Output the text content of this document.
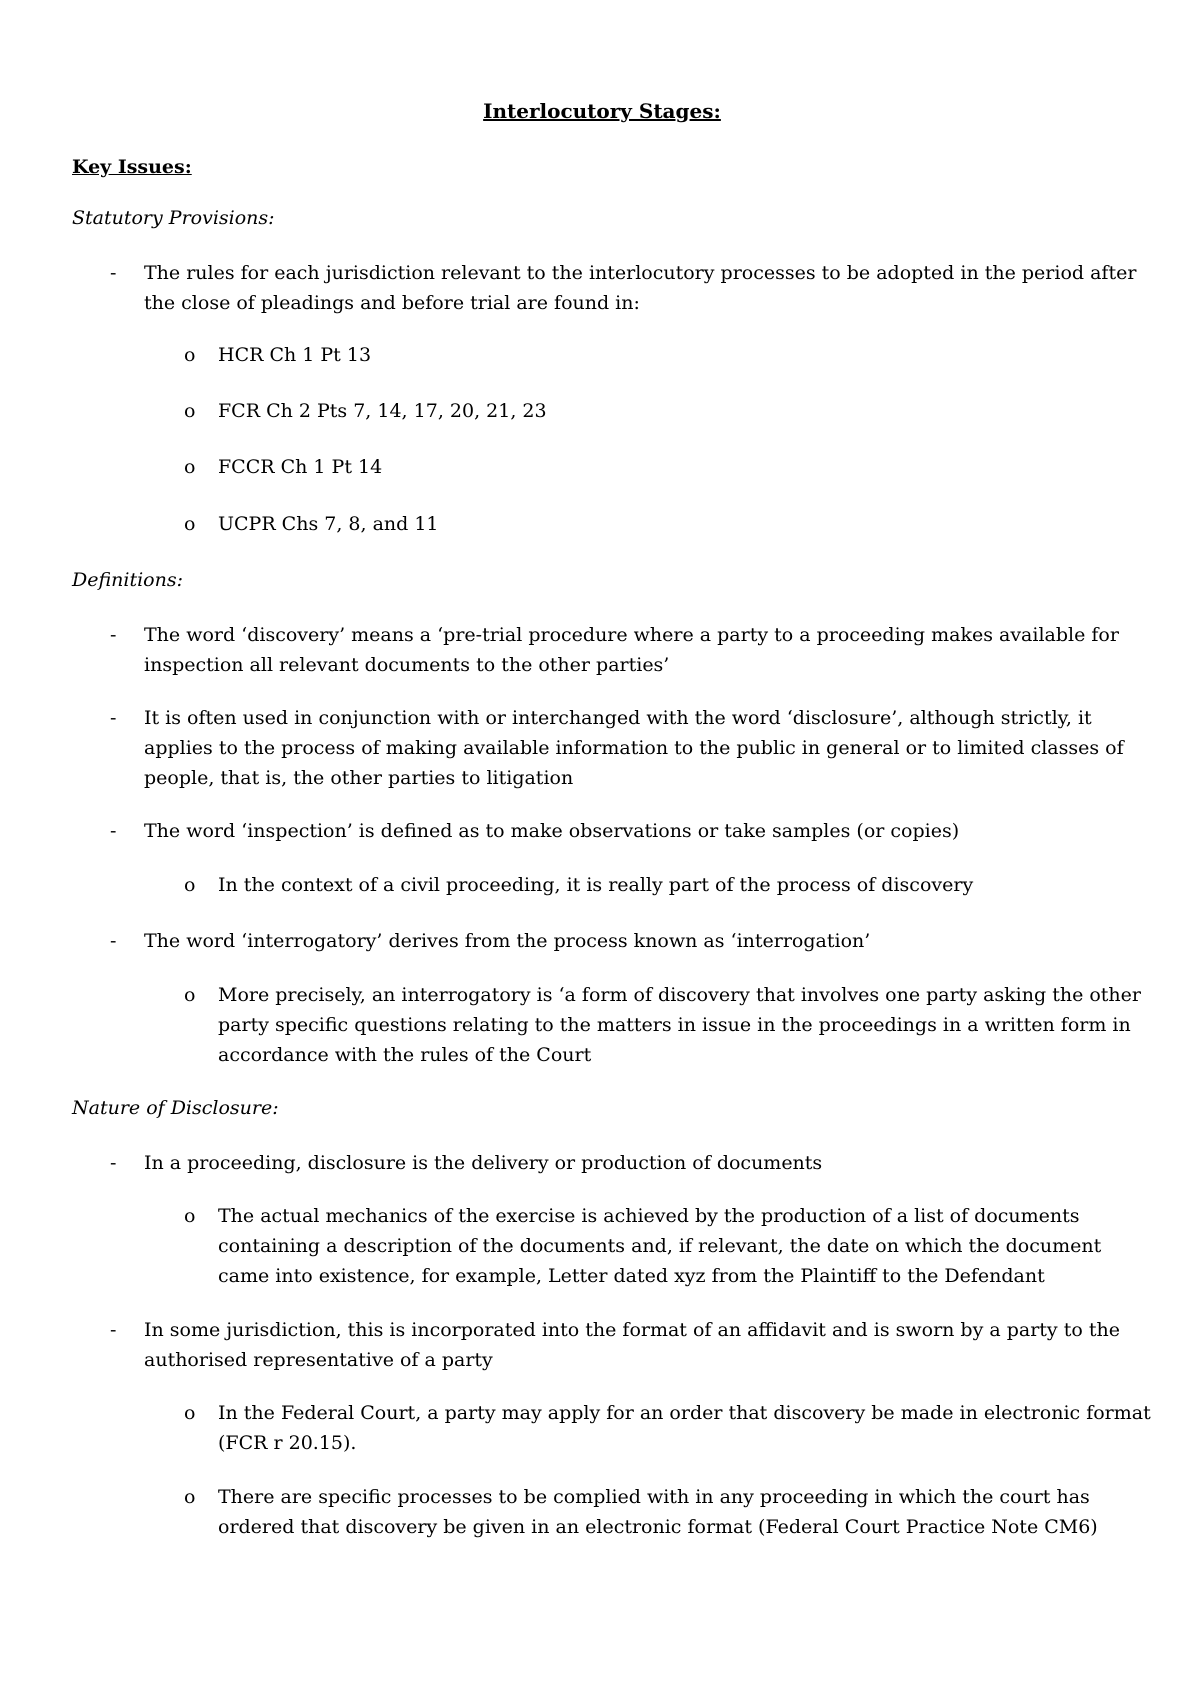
Interlocutory Stages:
Key Issues:
Statutory Provisions:
- The rules for each jurisdiction relevant to the interlocutory processes to be adopted in the period after the close of pleadings and before trial are found in:
o HCR Ch 1 Pt 13
o FCR Ch 2 Pts 7, 14, 17, 20, 21, 23
o FCCR Ch 1 Pt 14
o UCPR Chs 7, 8, and 11
Definitions:
- The word ‘discovery’ means a ‘pre-trial procedure where a party to a proceeding makes available for inspection all relevant documents to the other parties’
- It is often used in conjunction with or interchanged with the word ‘disclosure’, although strictly, it applies to the process of making available information to the public in general or to limited classes of people, that is, the other parties to litigation
- The word ‘inspection’ is defined as to make observations or take samples (or copies)
o In the context of a civil proceeding, it is really part of the process of discovery
- The word ‘interrogatory’ derives from the process known as ‘interrogation’
o More precisely, an interrogatory is ‘a form of discovery that involves one party asking the other party specific questions relating to the matters in issue in the proceedings in a written form in accordance with the rules of the Court
Nature of Disclosure:
- In a proceeding, disclosure is the delivery or production of documents
o The actual mechanics of the exercise is achieved by the production of a list of documents containing a description of the documents and, if relevant, the date on which the document came into existence, for example, Letter dated xyz from the Plaintiff to the Defendant
- In some jurisdiction, this is incorporated into the format of an affidavit and is sworn by a party to the authorised representative of a party
o In the Federal Court, a party may apply for an order that discovery be made in electronic format (FCR r 20.15).
o There are specific processes to be complied with in any proceeding in which the court has ordered that discovery be given in an electronic format (Federal Court Practice Note CM6)
